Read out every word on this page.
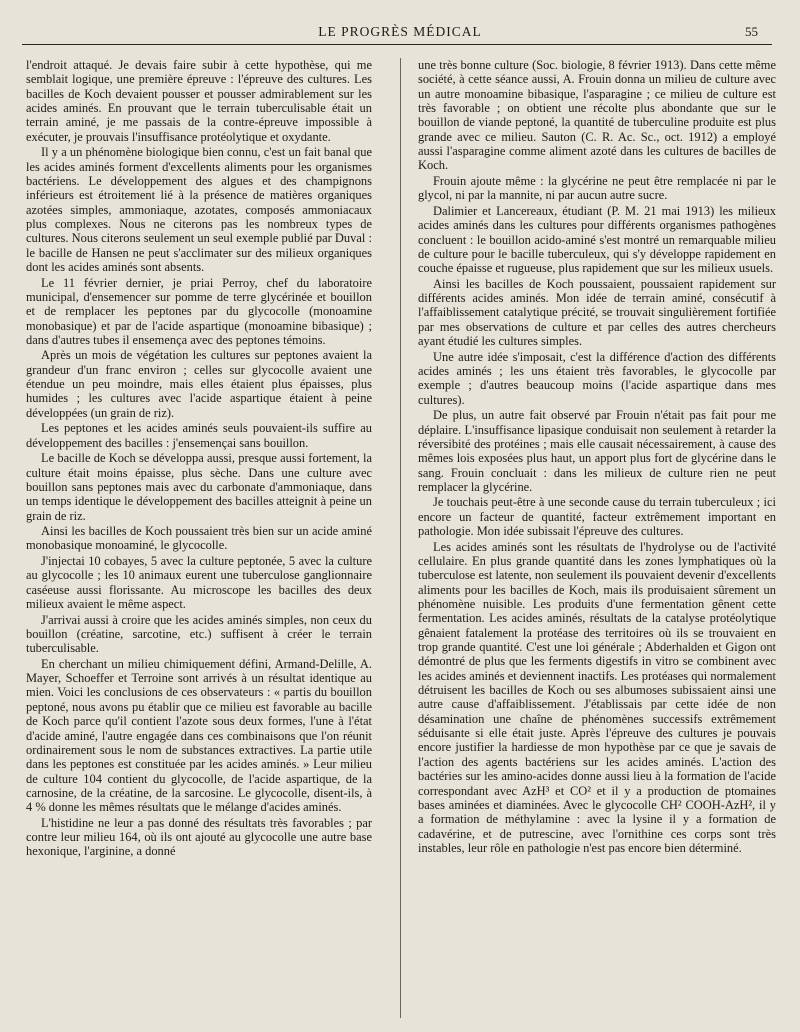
LE PROGRÈS MÉDICAL	55

l'endroit attaqué. Je devais faire subir à cette hypothèse, qui me semblait logique, une première épreuve : l'épreuve des cultures. Les bacilles de Koch devaient pousser et pousser admirablement sur les acides aminés. En prouvant que le terrain tuberculisable était un terrain aminé, je me passais de la contre-épreuve impossible à exécuter, je prouvais l'insuffisance protéolytique et oxydante.

Il y a un phénomène biologique bien connu, c'est un fait banal que les acides aminés forment d'excellents aliments pour les organismes bactériens. Le développement des algues et des champignons inférieurs est étroitement lié à la présence de matières organiques azotées simples, ammoniaque, azotates, composés ammoniacaux plus complexes. Nous ne citerons pas les nombreux types de cultures. Nous citerons seulement un seul exemple publié par Duval : le bacille de Hansen ne peut s'acclimater sur des milieux organiques dont les acides aminés sont absents.

Le 11 février dernier, je priai Perroy, chef du laboratoire municipal, d'ensemencer sur pomme de terre glycérinée et bouillon et de remplacer les peptones par du glycocolle (monoamine monobasique) et par de l'acide aspartique (monoamine bibasique) ; dans d'autres tubes il ensemença avec des peptones témoins.

Après un mois de végétation les cultures sur peptones avaient la grandeur d'un franc environ ; celles sur glycocolle avaient une étendue un peu moindre, mais elles étaient plus épaisses, plus humides ; les cultures avec l'acide aspartique étaient à peine développées (un grain de riz).

Les peptones et les acides aminés seuls pouvaient-ils suffire au développement des bacilles : j'ensemençai sans bouillon.

Le bacille de Koch se développa aussi, presque aussi fortement, la culture était moins épaisse, plus sèche. Dans une culture avec bouillon sans peptones mais avec du carbonate d'ammoniaque, dans un temps identique le développement des bacilles atteignit à peine un grain de riz.

Ainsi les bacilles de Koch poussaient très bien sur un acide aminé monobasique monoaminé, le glycocolle.

J'injectai 10 cobayes, 5 avec la culture peptonée, 5 avec la culture au glycocolle ; les 10 animaux eurent une tuberculose ganglionnaire caséeuse aussi florissante. Au microscope les bacilles des deux milieux avaient le même aspect.

J'arrivai aussi à croire que les acides aminés simples, non ceux du bouillon (créatine, sarcotine, etc.) suffisent à créer le terrain tuberculisable.

En cherchant un milieu chimiquement défini, Armand-Delille, A. Mayer, Schoeffer et Terroine sont arrivés à un résultat identique au mien. Voici les conclusions de ces observateurs : « partis du bouillon peptoné, nous avons pu établir que ce milieu est favorable au bacille de Koch parce qu'il contient l'azote sous deux formes, l'une à l'état d'acide aminé, l'autre engagée dans ces combinaisons que l'on réunit ordinairement sous le nom de substances extractives. La partie utile dans les peptones est constituée par les acides aminés. » Leur milieu de culture 104 contient du glycocolle, de l'acide aspartique, de la carnosine, de la créatine, de la sarcosine. Le glycocolle, disent-ils, à 4 % donne les mêmes résultats que le mélange d'acides aminés.

L'histidine ne leur a pas donné des résultats très favorables ; par contre leur milieu 164, où ils ont ajouté au glycocolle une autre base hexonique, l'arginine, a donné

une très bonne culture (Soc. biologie, 8 février 1913). Dans cette même société, à cette séance aussi, A. Frouin donna un milieu de culture avec un autre monoamine bibasique, l'asparagine ; ce milieu de culture est très favorable ; on obtient une récolte plus abondante que sur le bouillon de viande peptoné, la quantité de tuberculine produite est plus grande avec ce milieu. Sauton (C. R. Ac. Sc., oct. 1912) a employé aussi l'asparagine comme aliment azoté dans les cultures de bacilles de Koch.

Frouin ajoute même : la glycérine ne peut être remplacée ni par le glycol, ni par la mannite, ni par aucun autre sucre.

Dalimier et Lancereaux, étudiant (P. M. 21 mai 1913) les milieux acides aminés dans les cultures pour différents organismes pathogènes concluent : le bouillon acido-aminé s'est montré un remarquable milieu de culture pour le bacille tuberculeux, qui s'y développe rapidement en couche épaisse et rugueuse, plus rapidement que sur les milieux usuels.

Ainsi les bacilles de Koch poussaient, poussaient rapidement sur différents acides aminés. Mon idée de terrain aminé, consécutif à l'affaiblissement catalytique précité, se trouvait singulièrement fortifiée par mes observations de culture et par celles des autres chercheurs ayant étudié les cultures simples.

Une autre idée s'imposait, c'est la différence d'action des différents acides aminés ; les uns étaient très favorables, le glycocolle par exemple ; d'autres beaucoup moins (l'acide aspartique dans mes cultures).

De plus, un autre fait observé par Frouin n'était pas fait pour me déplaire. L'insuffisance lipasique conduisait non seulement à retarder la réversibité des protéines ; mais elle causait nécessairement, à cause des mêmes lois exposées plus haut, un apport plus fort de glycérine dans le sang. Frouin concluait : dans les milieux de culture rien ne peut remplacer la glycérine.

Je touchais peut-être à une seconde cause du terrain tuberculeux ; ici encore un facteur de quantité, facteur extrêmement important en pathologie. Mon idée subissait l'épreuve des cultures.

Les acides aminés sont les résultats de l'hydrolyse ou de l'activité cellulaire. En plus grande quantité dans les zones lymphatiques où la tuberculose est latente, non seulement ils pouvaient devenir d'excellents aliments pour les bacilles de Koch, mais ils produisaient sûrement un phénomène nuisible. Les produits d'une fermentation gênent cette fermentation. Les acides aminés, résultats de la catalyse protéolytique gênaient fatalement la protéase des territoires où ils se trouvaient en trop grande quantité. C'est une loi générale ; Abderhalden et Gigon ont démontré de plus que les ferments digestifs in vitro se combinent avec les acides aminés et deviennent inactifs. Les protéases qui normalement détruisent les bacilles de Koch ou ses albumoses subissaient ainsi une autre cause d'affaiblissement. J'établissais par cette idée de non désamination une chaîne de phénomènes successifs extrêmement séduisante si elle était juste. Après l'épreuve des cultures je pouvais encore justifier la hardiesse de mon hypothèse par ce que je savais de l'action des agents bactériens sur les acides aminés. L'action des bactéries sur les amino-acides donne aussi lieu à la formation de l'acide correspondant avec AzH³ et CO² et il y a production de ptomaines bases aminées et diaminées. Avec le glycocolle CH² COOH-AzH², il y a formation de méthylamine : avec la lysine il y a formation de cadavérine, et de putrescine, avec l'ornithine ces corps sont très instables, leur rôle en pathologie n'est pas encore bien déterminé.
